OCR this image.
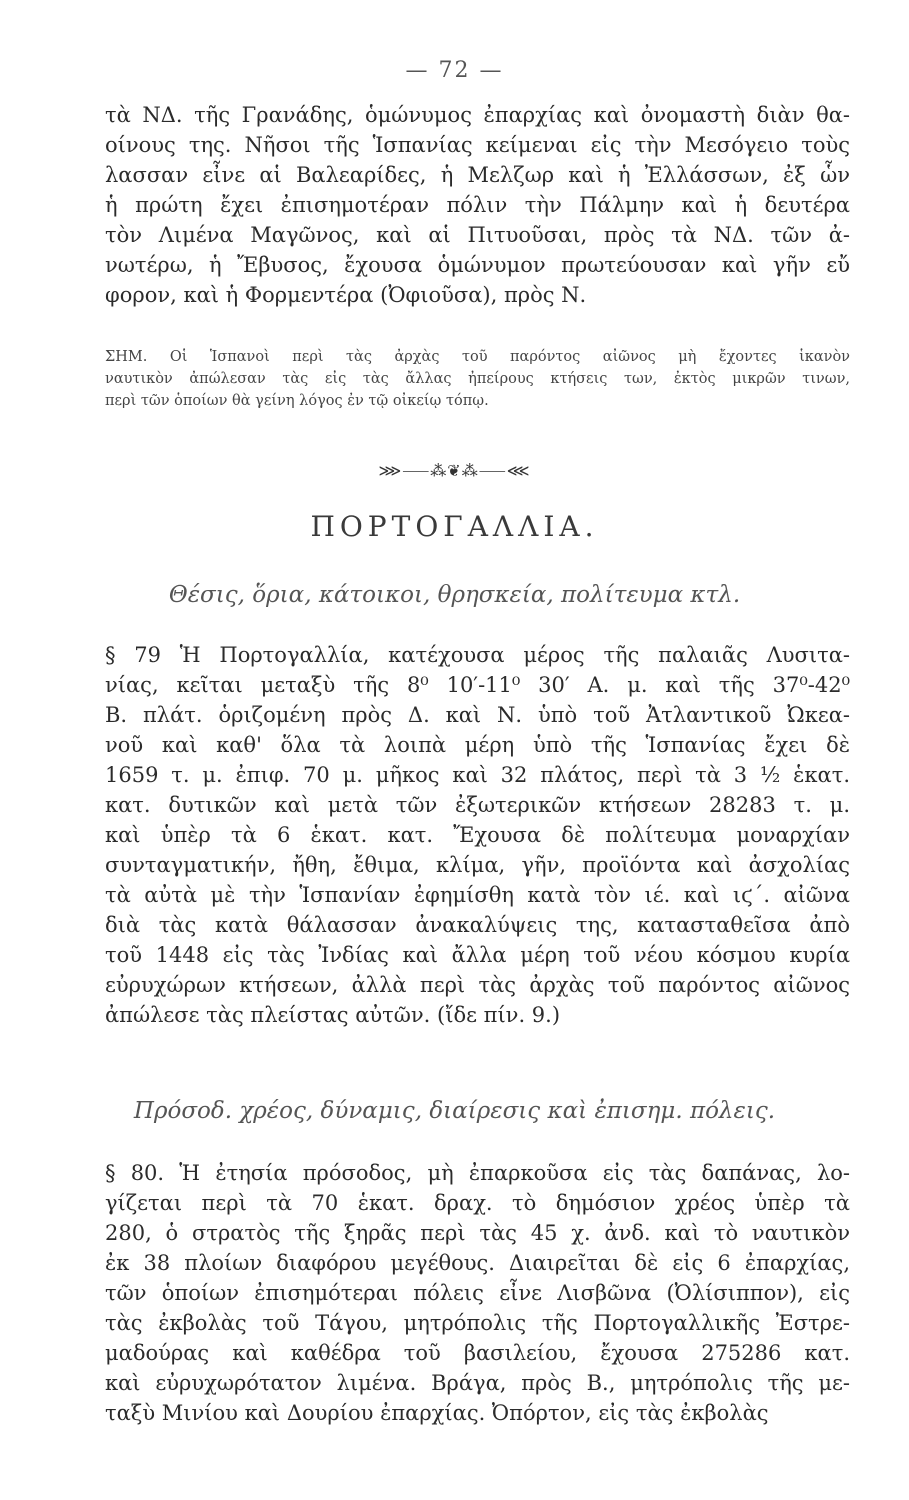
— 72 —
τὰ ΝΔ. τῆς Γρανάδης, ὁμώνυμος ἐπαρχίας καὶ ὀνομαστὴ διὰν θα-
οίνους της. Νῆσοι τῆς Ἱσπανίας κείμεναι εἰς τὴν Μεσόγειο τοὺς
λασσαν εἶνε αἱ Βαλεαρίδες, ἡ Μελζωρ καὶ ἡ Ἐλλάσσων, ἐξ ὧν
ἡ πρώτη ἔχει ἐπισημοτέραν πόλιν τὴν Πάλμην καὶ ἡ δευτέρα
τὸν Λιμένα Μαγῶνος, καὶ αἱ Πιτυοῦσαι, πρὸς τὰ ΝΔ. τῶν ἀ-
νωτέρω, ἡ Ἔβυσος, ἔχουσα ὁμώνυμον πρωτεύουσαν καὶ γῆν εὔ
φορον, καὶ ἡ Φορμεντέρα (Ὀφιοῦσα), πρὸς Ν.
ΣΗΜ. Οἱ Ἱσπανοὶ περὶ τὰς ἀρχὰς τοῦ παρόντος αἰῶνος μὴ ἔχοντες ἱκανὸν
ναυτικὸν ἀπώλεσαν τὰς εἰς τὰς ἄλλας ἠπείρους κτήσεις των, ἐκτὸς μικρῶν τινων,
περὶ τῶν ὁποίων θὰ γείνη λόγος ἐν τῷ οἰκείῳ τόπῳ.
⋙⸺⁂❦⁂⸺⋘
ΠΟΡΤΟΓΑΛΛΙΑ.
Θέσις, ὅρια, κάτοικοι, θρησκεία, πολίτευμα κτλ.
§ 79 Ἡ Πορτογαλλία, κατέχουσα μέρος τῆς παλαιᾶς Λυσιτα-
νίας, κεῖται μεταξὺ τῆς 8⁰ 10′-11⁰ 30′ Α. μ. καὶ τῆς 37⁰-42⁰
Β. πλάτ. ὁριζομένη πρὸς Δ. καὶ Ν. ὑπὸ τοῦ Ἀτλαντικοῦ Ὠκεα-
νοῦ καὶ καθ' ὅλα τὰ λοιπὰ μέρη ὑπὸ τῆς Ἱσπανίας ἔχει δὲ
1659 τ. μ. ἐπιφ. 70 μ. μῆκος καὶ 32 πλάτος, περὶ τὰ 3 ½ ἑκατ.
κατ. δυτικῶν καὶ μετὰ τῶν ἐξωτερικῶν κτήσεων 28283 τ. μ.
καὶ ὑπὲρ τὰ 6 ἑκατ. κατ. Ἔχουσα δὲ πολίτευμα μοναρχίαν
συνταγματικήν, ἤθη, ἔθιμα, κλίμα, γῆν, προϊόντα καὶ ἀσχολίας
τὰ αὐτὰ μὲ τὴν Ἱσπανίαν ἐφημίσθη κατὰ τὸν ιέ. καὶ ιϛ΄. αἰῶνα
διὰ τὰς κατὰ θάλασσαν ἀνακαλύψεις της, κατασταθεῖσα ἀπὸ
τοῦ 1448 εἰς τὰς Ἰνδίας καὶ ἄλλα μέρη τοῦ νέου κόσμου κυρία
εὐρυχώρων κτήσεων, ἀλλὰ περὶ τὰς ἀρχὰς τοῦ παρόντος αἰῶνος
ἀπώλεσε τὰς πλείστας αὐτῶν. (ἴδε πίν. 9.)
Πρόσοδ. χρέος, δύναμις, διαίρεσις καὶ ἐπισημ. πόλεις.
§ 80. Ἡ ἐτησία πρόσοδος, μὴ ἐπαρκοῦσα εἰς τὰς δαπάνας, λο-
γίζεται περὶ τὰ 70 ἑκατ. δραχ. τὸ δημόσιον χρέος ὑπὲρ τὰ
280, ὁ στρατὸς τῆς ξηρᾶς περὶ τὰς 45 χ. ἀνδ. καὶ τὸ ναυτικὸν
ἐκ 38 πλοίων διαφόρου μεγέθους. Διαιρεῖται δὲ εἰς 6 ἐπαρχίας,
τῶν ὁποίων ἐπισημότεραι πόλεις εἶνε Λισβῶνα (Ὀλίσιππον), εἰς
τὰς ἐκβολὰς τοῦ Τάγου, μητρόπολις τῆς Πορτογαλλικῆς Ἐστρε-
μαδούρας καὶ καθέδρα τοῦ βασιλείου, ἔχουσα 275286 κατ.
καὶ εὐρυχωρότατον λιμένα. Βράγα, πρὸς Β., μητρόπολις τῆς με-
ταξὺ Μινίου καὶ Δουρίου ἐπαρχίας. Ὀπόρτον, εἰς τὰς ἐκβολὰς
